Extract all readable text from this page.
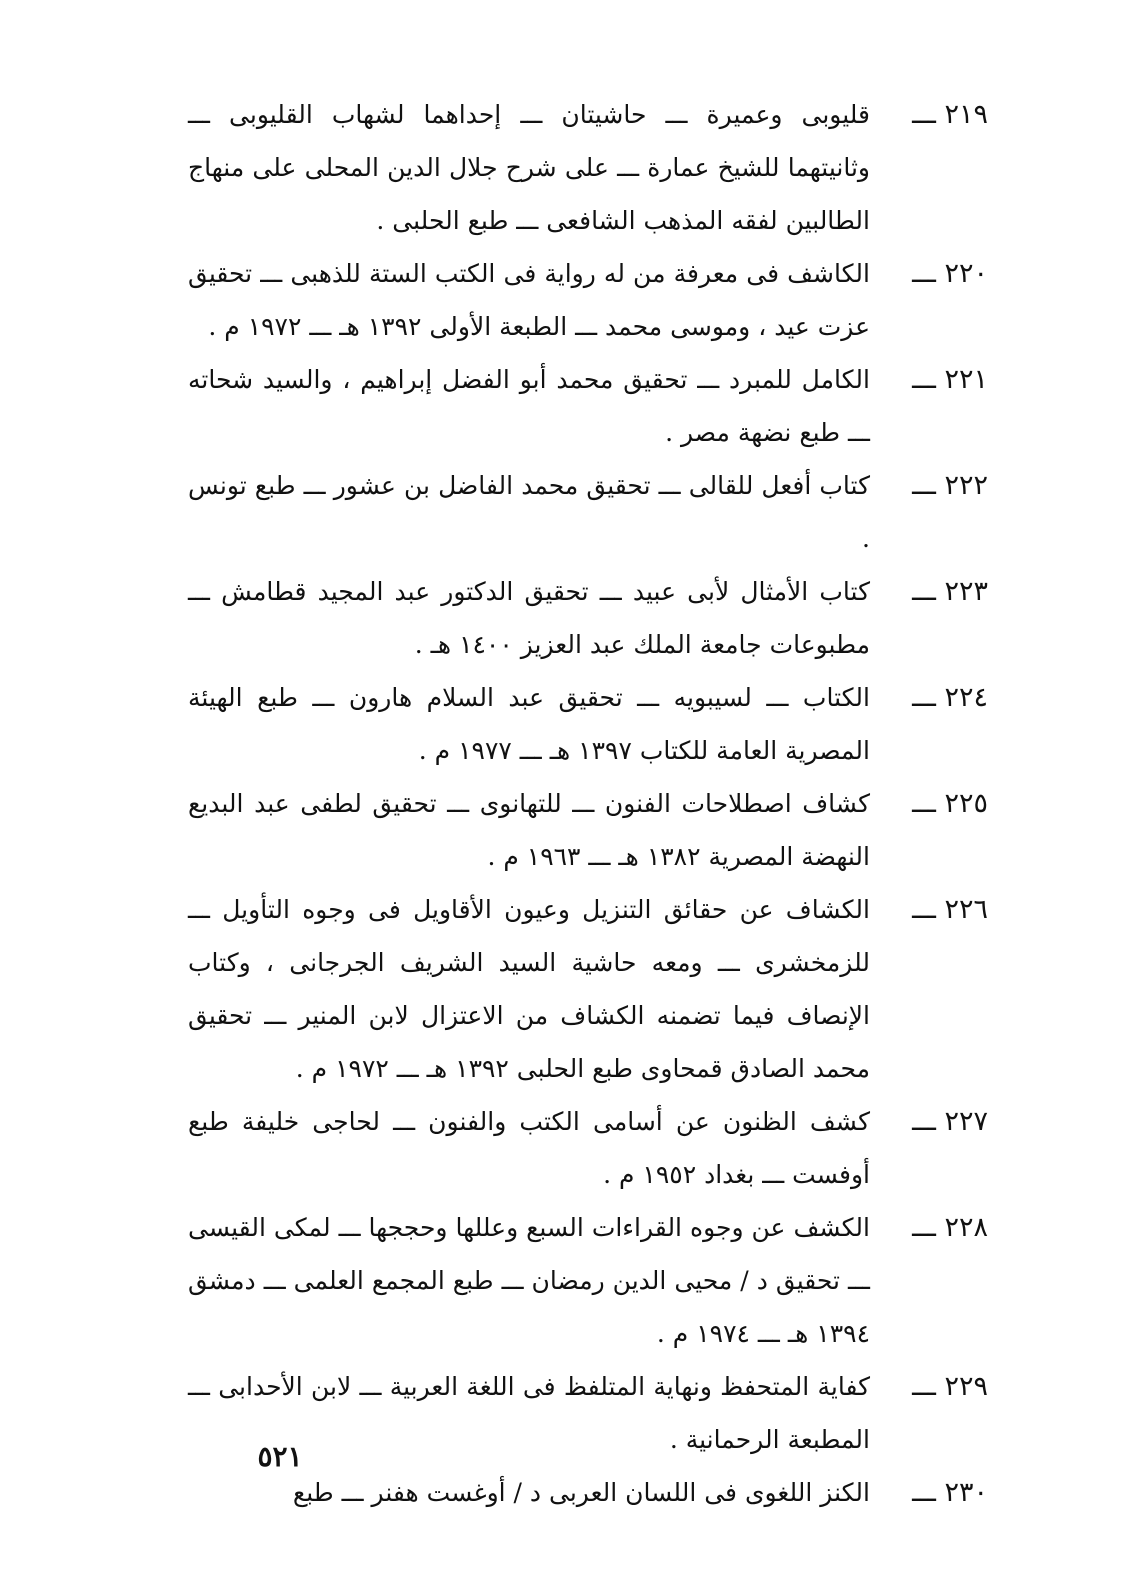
٢١٩ ـــ
قليوبى وعميرة ـــ حاشيتان ـــ إحداهما لشهاب القليوبى ـــ وثانيتهما للشيخ عمارة ـــ على شرح جلال الدين المحلى على منهاج الطالبين لفقه المذهب الشافعى ـــ طبع الحلبى .
٢٢٠ ـــ
الكاشف فى معرفة من له رواية فى الكتب الستة للذهبى ـــ تحقيق عزت عيد ، وموسى محمد ـــ الطبعة الأولى ١٣٩٢ هـ ـــ ١٩٧٢ م .
٢٢١ ـــ
الكامل للمبرد ـــ تحقيق محمد أبو الفضل إبراهيم ، والسيد شحاته ـــ طبع نضهة مصر .
٢٢٢ ـــ
كتاب أفعل للقالى ـــ تحقيق محمد الفاضل بن عشور ـــ طبع تونس .
٢٢٣ ـــ
كتاب الأمثال لأبى عبيد ـــ تحقيق الدكتور عبد المجيد قطامش ـــ مطبوعات جامعة الملك عبد العزيز ١٤٠٠ هـ .
٢٢٤ ـــ
الكتاب ـــ لسيبويه ـــ تحقيق عبد السلام هارون ـــ طبع الهيئة المصرية العامة للكتاب ١٣٩٧ هـ ـــ ١٩٧٧ م .
٢٢٥ ـــ
كشاف اصطلاحات الفنون ـــ للتهانوى ـــ تحقيق لطفى عبد البديع النهضة المصرية ١٣٨٢ هـ ـــ ١٩٦٣ م .
٢٢٦ ـــ
الكشاف عن حقائق التنزيل وعيون الأقاويل فى وجوه التأويل ـــ للزمخشرى ـــ ومعه حاشية السيد الشريف الجرجانى ، وكتاب الإنصاف فيما تضمنه الكشاف من الاعتزال لابن المنير ـــ تحقيق محمد الصادق قمحاوى طبع الحلبى ١٣٩٢ هـ ـــ ١٩٧٢ م .
٢٢٧ ـــ
كشف الظنون عن أسامى الكتب والفنون ـــ لحاجى خليفة طبع أوفست ـــ بغداد ١٩٥٢ م .
٢٢٨ ـــ
الكشف عن وجوه القراءات السبع وعللها وحججها ـــ لمكى القيسى ـــ تحقيق د / محيى الدين رمضان ـــ طبع المجمع العلمى ـــ دمشق ١٣٩٤ هـ ـــ ١٩٧٤ م .
٢٢٩ ـــ
كفاية المتحفظ ونهاية المتلفظ فى اللغة العربية ـــ لابن الأحدابى ـــ المطبعة الرحمانية .
٢٣٠ ـــ
الكنز اللغوى فى اللسان العربى د / أوغست هفنر ـــ طبع
٥٢١
